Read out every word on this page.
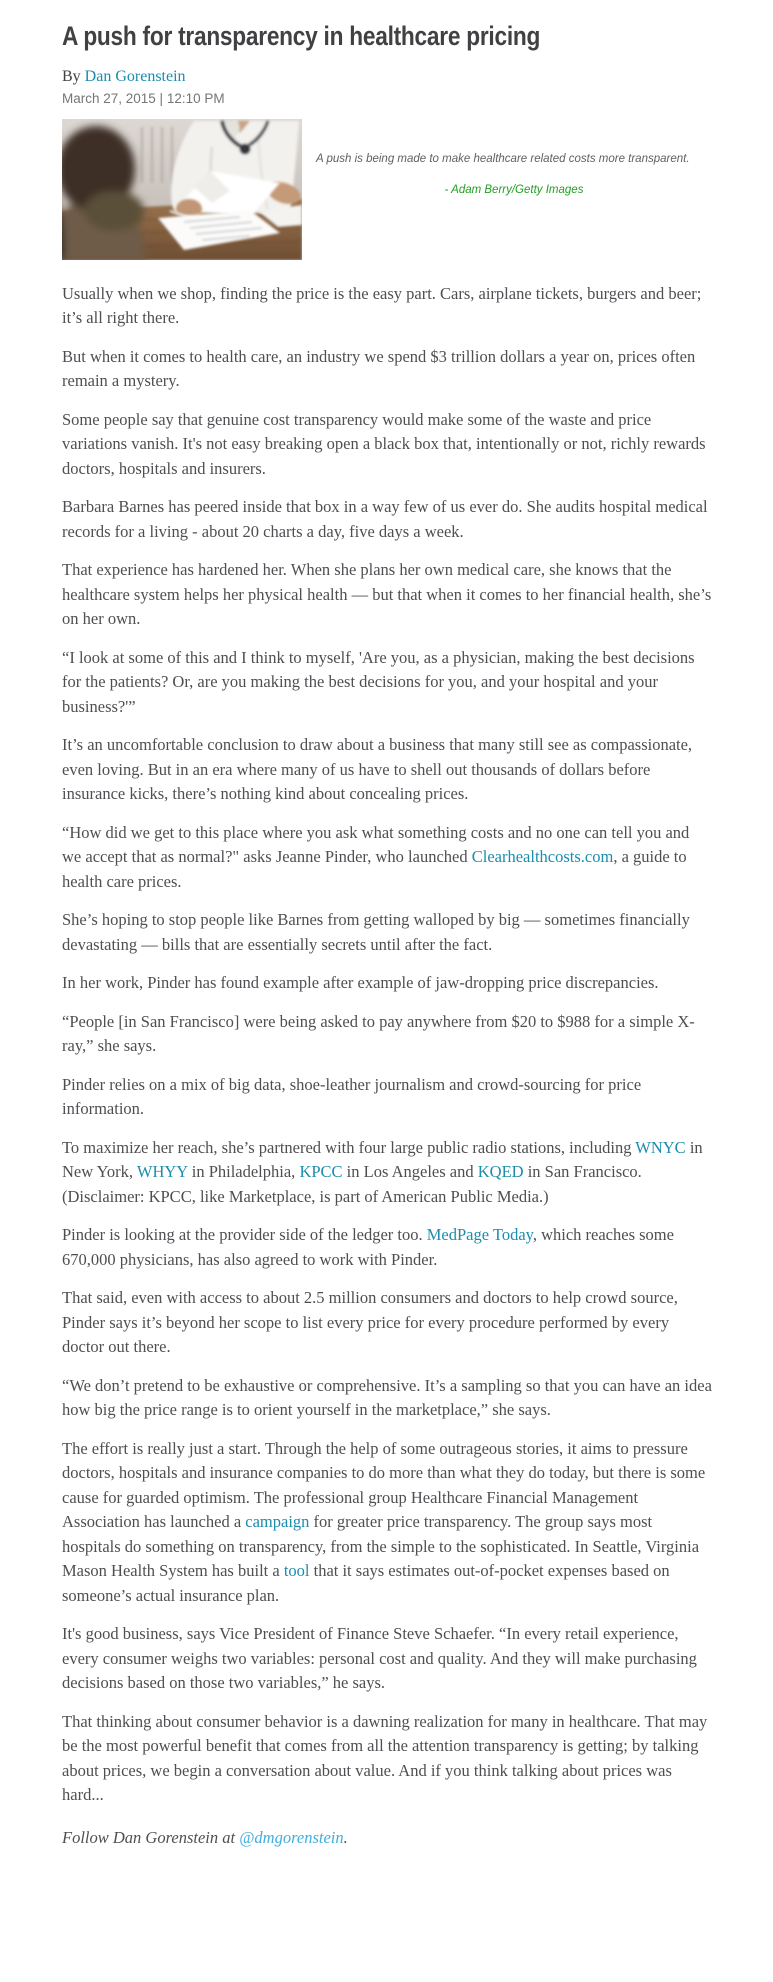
A push for transparency in healthcare pricing

By Dan Gorenstein

March 27, 2015 | 12:10 PM

A push is being made to make healthcare related costs more transparent.
- Adam Berry/Getty Images

Usually when we shop, finding the price is the easy part. Cars, airplane tickets, burgers and beer; it’s all right there.

But when it comes to health care, an industry we spend $3 trillion dollars a year on, prices often remain a mystery.

Some people say that genuine cost transparency would make some of the waste and price variations vanish. It's not easy breaking open a black box that, intentionally or not, richly rewards doctors, hospitals and insurers.

Barbara Barnes has peered inside that box in a way few of us ever do. She audits hospital medical records for a living - about 20 charts a day, five days a week.

That experience has hardened her. When she plans her own medical care, she knows that the healthcare system helps her physical health — but that when it comes to her financial health, she’s on her own.

“I look at some of this and I think to myself, 'Are you, as a physician, making the best decisions for the patients? Or, are you making the best decisions for you, and your hospital and your business?'”

It’s an uncomfortable conclusion to draw about a business that many still see as compassionate, even loving. But in an era where many of us have to shell out thousands of dollars before insurance kicks, there’s nothing kind about concealing prices.

“How did we get to this place where you ask what something costs and no one can tell you and we accept that as normal?" asks Jeanne Pinder, who launched Clearhealthcosts.com, a guide to health care prices.

She’s hoping to stop people like Barnes from getting walloped by big — sometimes financially devastating — bills that are essentially secrets until after the fact.

In her work, Pinder has found example after example of jaw-dropping price discrepancies.

“People [in San Francisco] were being asked to pay anywhere from $20 to $988 for a simple X-ray,” she says.

Pinder relies on a mix of big data, shoe-leather journalism and crowd-sourcing for price information.

To maximize her reach, she’s partnered with four large public radio stations, including WNYC in New York, WHYY in Philadelphia, KPCC in Los Angeles and KQED in San Francisco. (Disclaimer: KPCC, like Marketplace, is part of American Public Media.)

Pinder is looking at the provider side of the ledger too. MedPage Today, which reaches some 670,000 physicians, has also agreed to work with Pinder.

That said, even with access to about 2.5 million consumers and doctors to help crowd source, Pinder says it’s beyond her scope to list every price for every procedure performed by every doctor out there.

“We don’t pretend to be exhaustive or comprehensive. It’s a sampling so that you can have an idea how big the price range is to orient yourself in the marketplace,” she says.

The effort is really just a start. Through the help of some outrageous stories, it aims to pressure doctors, hospitals and insurance companies to do more than what they do today, but there is some cause for guarded optimism. The professional group Healthcare Financial Management Association has launched a campaign for greater price transparency. The group says most hospitals do something on transparency, from the simple to the sophisticated. In Seattle, Virginia Mason Health System has built a tool that it says estimates out-of-pocket expenses based on someone’s actual insurance plan.

It's good business, says Vice President of Finance Steve Schaefer. “In every retail experience, every consumer weighs two variables: personal cost and quality. And they will make purchasing decisions based on those two variables,” he says.

That thinking about consumer behavior is a dawning realization for many in healthcare. That may be the most powerful benefit that comes from all the attention transparency is getting; by talking about prices, we begin a conversation about value. And if you think talking about prices was hard...

Follow Dan Gorenstein at @dmgorenstein.
